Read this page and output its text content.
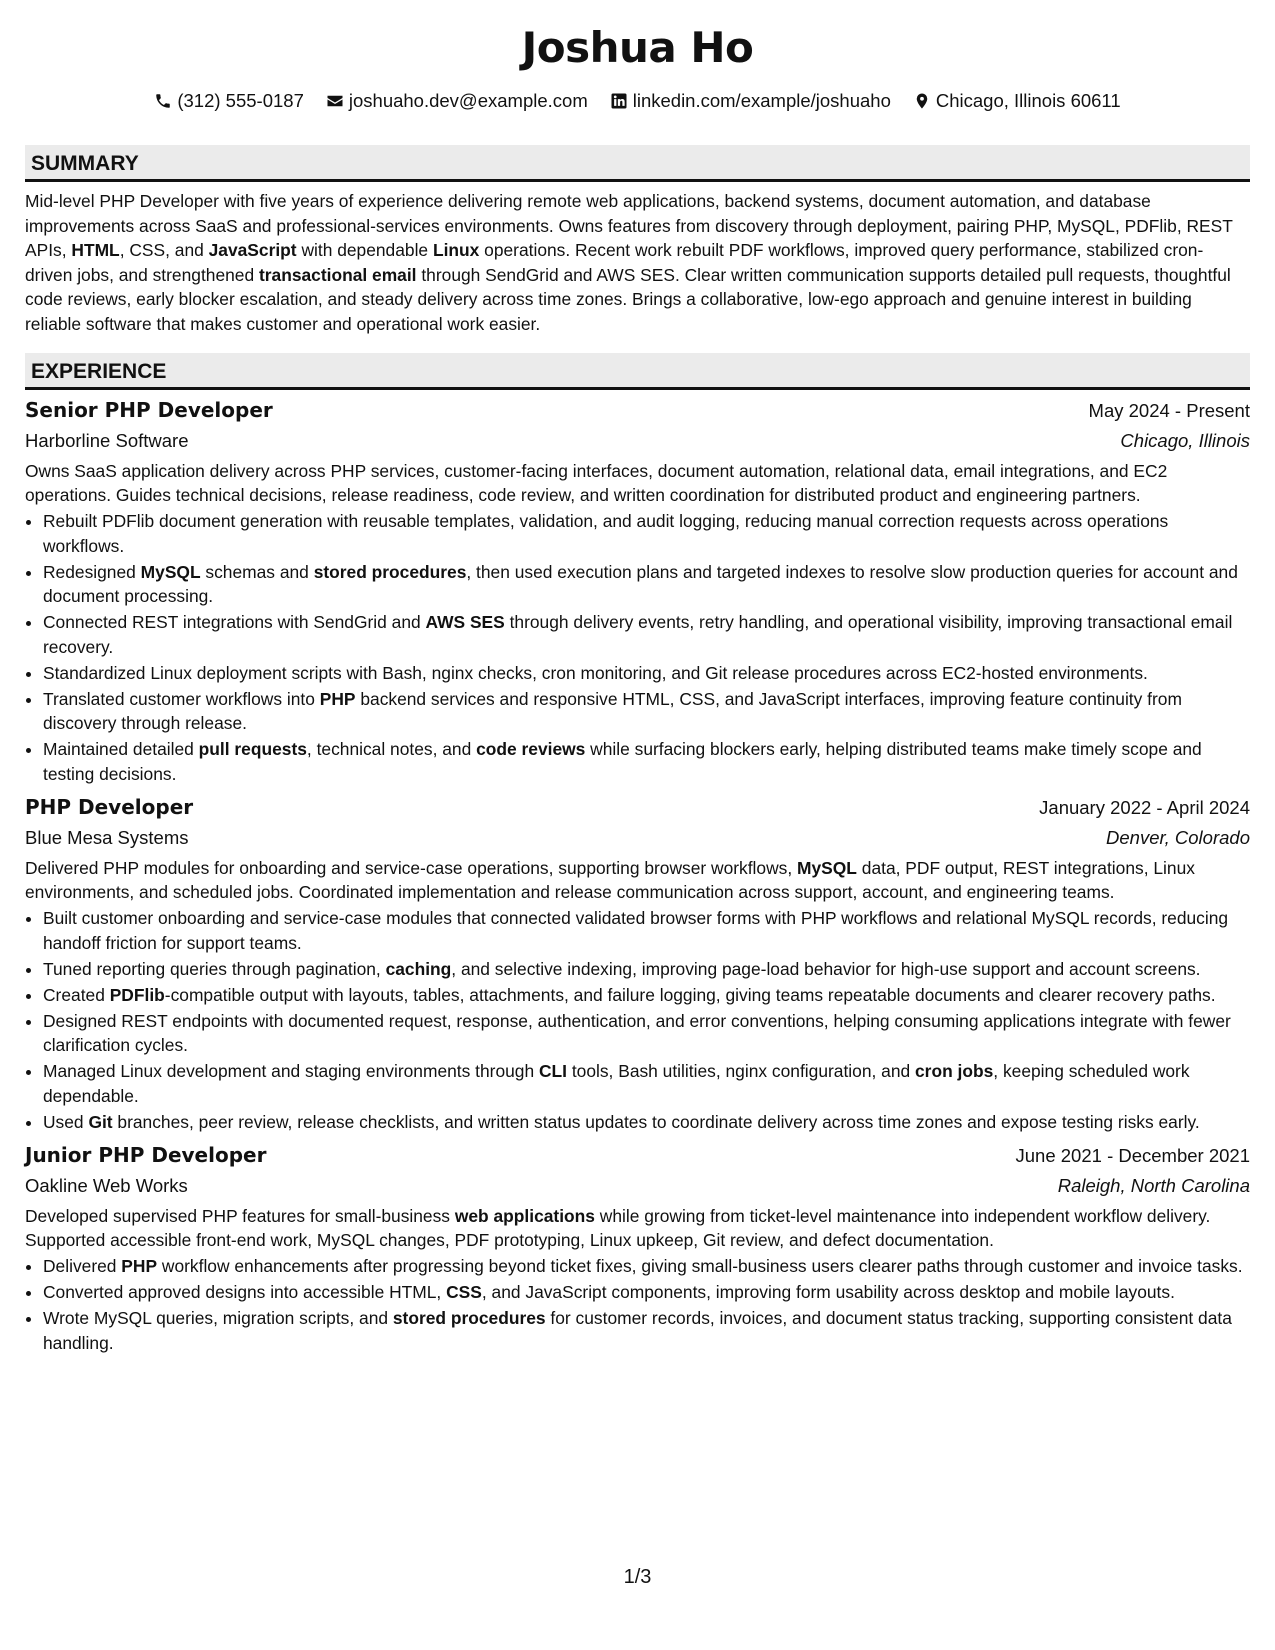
Joshua Ho
(312) 555-0187 joshuaho.dev@example.com linkedin.com/example/joshuaho Chicago, Illinois 60611
SUMMARY
Mid-level PHP Developer with five years of experience delivering remote web applications, backend systems, document automation, and database improvements across SaaS and professional-services environments. Owns features from discovery through deployment, pairing PHP, MySQL, PDFlib, REST APIs, HTML, CSS, and JavaScript with dependable Linux operations. Recent work rebuilt PDF workflows, improved query performance, stabilized cron-driven jobs, and strengthened transactional email through SendGrid and AWS SES. Clear written communication supports detailed pull requests, thoughtful code reviews, early blocker escalation, and steady delivery across time zones. Brings a collaborative, low-ego approach and genuine interest in building reliable software that makes customer and operational work easier.
EXPERIENCE
Senior PHP Developer	May 2024 - Present
Harborline Software	Chicago, Illinois
Owns SaaS application delivery across PHP services, customer-facing interfaces, document automation, relational data, email integrations, and EC2 operations. Guides technical decisions, release readiness, code review, and written coordination for distributed product and engineering partners.
• Rebuilt PDFlib document generation with reusable templates, validation, and audit logging, reducing manual correction requests across operations workflows.
• Redesigned MySQL schemas and stored procedures, then used execution plans and targeted indexes to resolve slow production queries for account and document processing.
• Connected REST integrations with SendGrid and AWS SES through delivery events, retry handling, and operational visibility, improving transactional email recovery.
• Standardized Linux deployment scripts with Bash, nginx checks, cron monitoring, and Git release procedures across EC2-hosted environments.
• Translated customer workflows into PHP backend services and responsive HTML, CSS, and JavaScript interfaces, improving feature continuity from discovery through release.
• Maintained detailed pull requests, technical notes, and code reviews while surfacing blockers early, helping distributed teams make timely scope and testing decisions.
PHP Developer	January 2022 - April 2024
Blue Mesa Systems	Denver, Colorado
Delivered PHP modules for onboarding and service-case operations, supporting browser workflows, MySQL data, PDF output, REST integrations, Linux environments, and scheduled jobs. Coordinated implementation and release communication across support, account, and engineering teams.
• Built customer onboarding and service-case modules that connected validated browser forms with PHP workflows and relational MySQL records, reducing handoff friction for support teams.
• Tuned reporting queries through pagination, caching, and selective indexing, improving page-load behavior for high-use support and account screens.
• Created PDFlib-compatible output with layouts, tables, attachments, and failure logging, giving teams repeatable documents and clearer recovery paths.
• Designed REST endpoints with documented request, response, authentication, and error conventions, helping consuming applications integrate with fewer clarification cycles.
• Managed Linux development and staging environments through CLI tools, Bash utilities, nginx configuration, and cron jobs, keeping scheduled work dependable.
• Used Git branches, peer review, release checklists, and written status updates to coordinate delivery across time zones and expose testing risks early.
Junior PHP Developer	June 2021 - December 2021
Oakline Web Works	Raleigh, North Carolina
Developed supervised PHP features for small-business web applications while growing from ticket-level maintenance into independent workflow delivery. Supported accessible front-end work, MySQL changes, PDF prototyping, Linux upkeep, Git review, and defect documentation.
• Delivered PHP workflow enhancements after progressing beyond ticket fixes, giving small-business users clearer paths through customer and invoice tasks.
• Converted approved designs into accessible HTML, CSS, and JavaScript components, improving form usability across desktop and mobile layouts.
• Wrote MySQL queries, migration scripts, and stored procedures for customer records, invoices, and document status tracking, supporting consistent data handling.
1/3
